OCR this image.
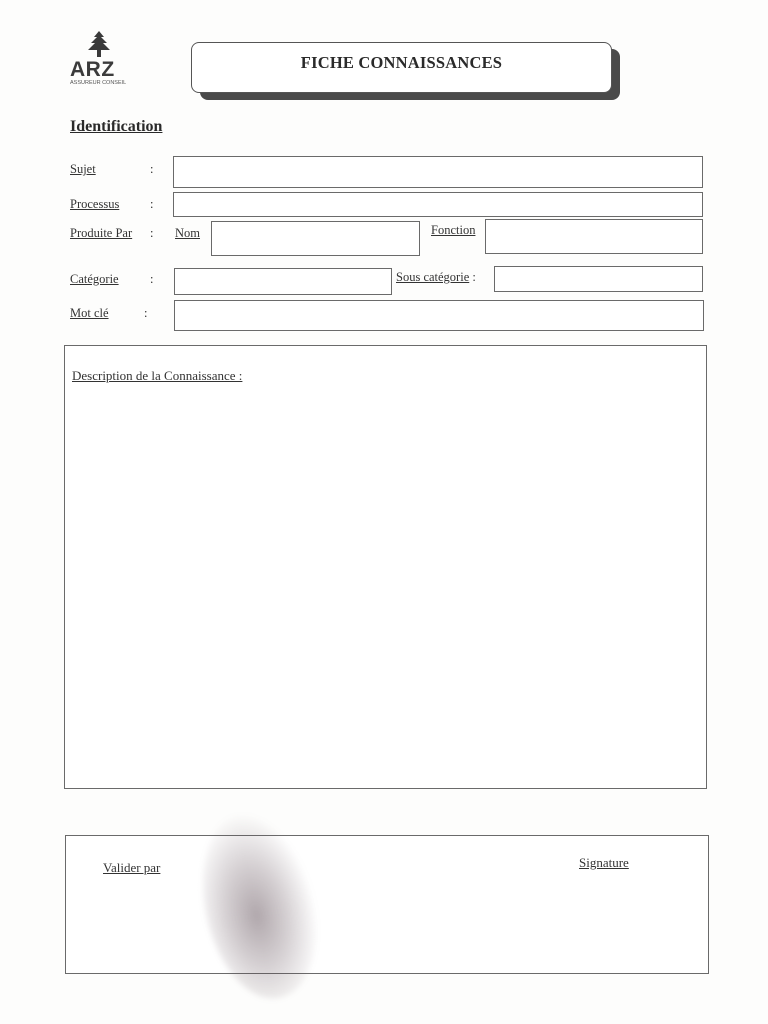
ARZ
ASSUREUR CONSEIL
FICHE CONNAISSANCES
Identification
Sujet	:
Processus :
Produite Par : Nom	Fonction
Catégorie	:	Sous catégorie :
Mot clé	:
Description de la Connaissance :
Valider par	Signature
